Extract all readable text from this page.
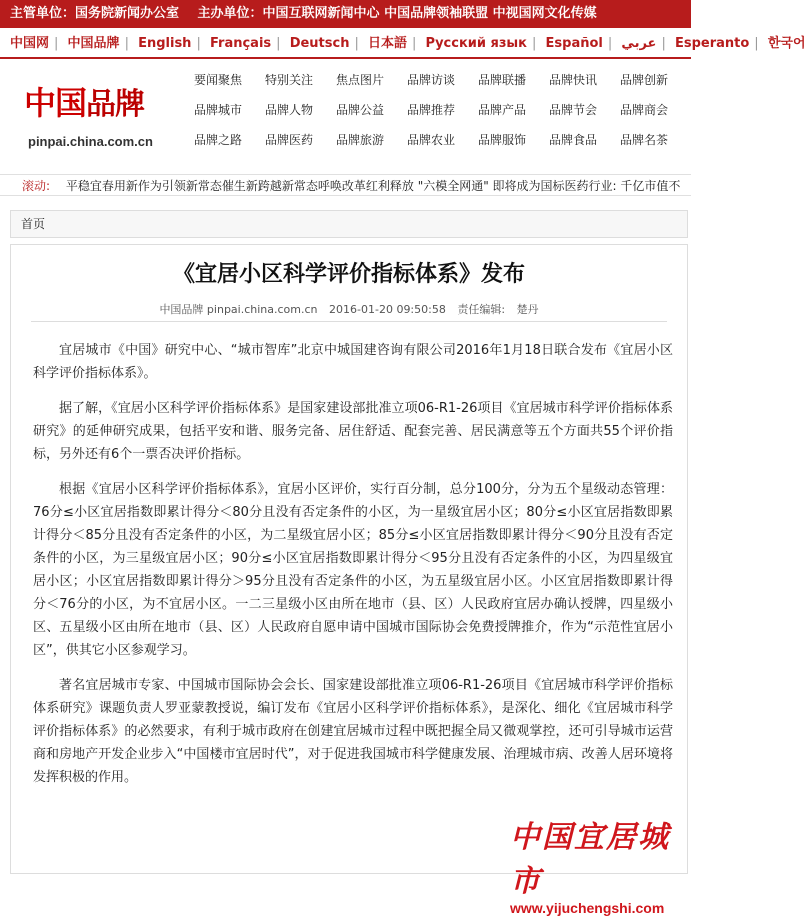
主管单位：国务院新闻办公室 主办单位：中国互联网新闻中心 中国品牌领袖联盟 中视国网文化传媒
中国网 | 中国品牌 | English | Français | Deutsch | 日本語 | Русский язык | Español | عربي | Esperanto | 한국어
中国品牌
pinpai.china.com.cn
要闻聚焦	特别关注	焦点图片	品牌访谈	品牌联播	品牌快讯	品牌创新
品牌城市	品牌人物	品牌公益	品牌推荐	品牌产品	品牌节会	品牌商会
品牌之路	品牌医药	品牌旅游	品牌农业	品牌服饰	品牌食品	品牌名茶
滚动: 平稳宜春用新作为引领新常态催生新跨越新常态呼唤改革红利释放 "六模全网通" 即将成为国标医药行业: 千亿市值不
首页
《宜居小区科学评价指标体系》发布
中国品牌 pinpai.china.com.cn 2016-01-20 09:50:58 责任编辑: 楚丹

宜居城市《中国》研究中心、“城市智库”北京中城国建咨询有限公司2016年1月18日联合发布《宜居小区科学评价指标体系》。

据了解，《宜居小区科学评价指标体系》是国家建设部批准立项06-R1-26项目《宜居城市科学评价指标体系研究》的延伸研究成果，包括平安和谐、服务完备、居住舒适、配套完善、居民满意等五个方面共55个评价指标，另外还有6个一票否决评价指标。

根据《宜居小区科学评价指标体系》，宜居小区评价，实行百分制，总分100分，分为五个星级动态管理：76分≤小区宜居指数即累计得分＜80分且没有否定条件的小区，为一星级宜居小区；80分≤小区宜居指数即累计得分＜85分且没有否定条件的小区，为二星级宜居小区；85分≤小区宜居指数即累计得分＜90分且没有否定条件的小区，为三星级宜居小区；90分≤小区宜居指数即累计得分＜95分且没有否定条件的小区，为四星级宜居小区；小区宜居指数即累计得分＞95分且没有否定条件的小区，为五星级宜居小区。小区宜居指数即累计得分＜76分的小区，为不宜居小区。一二三星级小区由所在地市（县、区）人民政府宜居办确认授牌，四星级小区、五星级小区由所在地市（县、区）人民政府自愿申请中国城市国际协会免费授牌推介，作为“示范性宜居小区”，供其它小区参观学习。

著名宜居城市专家、中国城市国际协会会长、国家建设部批准立项06-R1-26项目《宜居城市科学评价指标体系研究》课题负责人罗亚蒙教授说，编订发布《宜居小区科学评价指标体系》，是深化、细化《宜居城市科学评价指标体系》的必然要求，有利于城市政府在创建宜居城市过程中既把握全局又微观掌控，还可引导城市运营商和房地产开发企业步入“中国楼市宜居时代”，对于促进我国城市科学健康发展、治理城市病、改善人居环境将发挥积极的作用。

中国宜居城市
www.yijuchengshi.com
